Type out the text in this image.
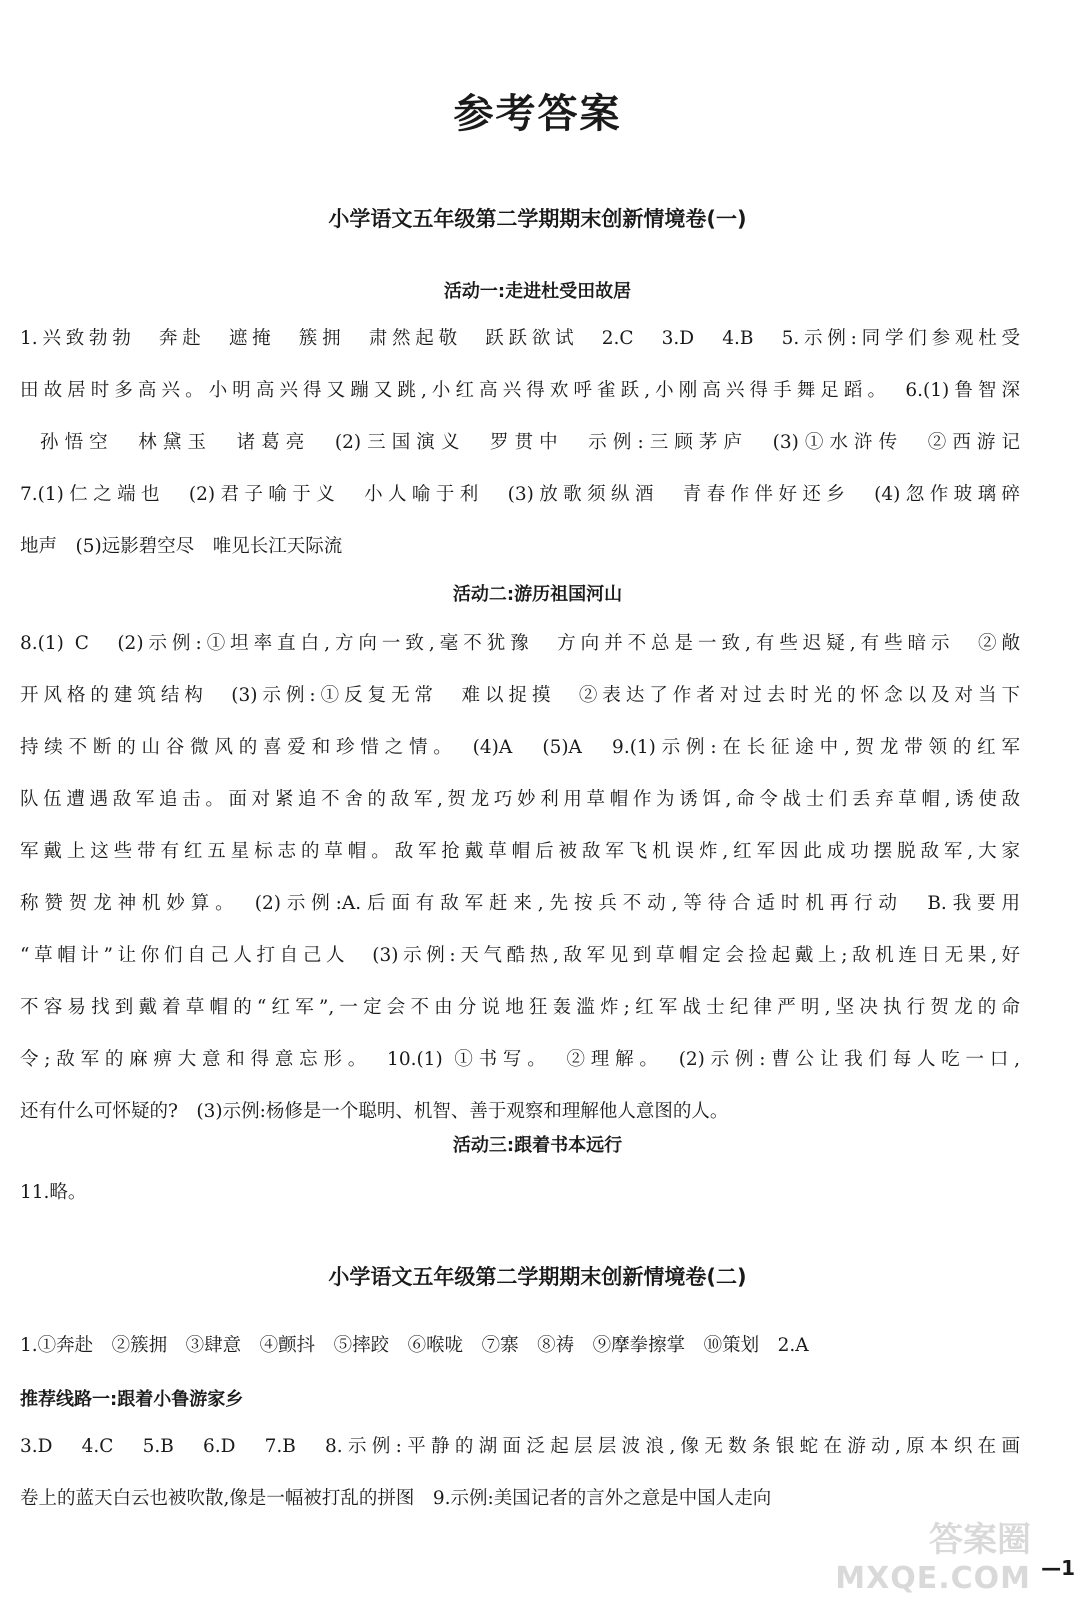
参考答案
小学语文五年级第二学期期末创新情境卷(一)
活动一:走进杜受田故居
1.兴致勃勃　奔赴　遮掩　簇拥　肃然起敬　跃跃欲试　2.C　3.D　4.B　5.示例:同学们参观杜受
田故居时多高兴。小明高兴得又蹦又跳,小红高兴得欢呼雀跃,小刚高兴得手舞足蹈。　6.(1)鲁智深
孙悟空　林黛玉　诸葛亮　(2)三国演义　罗贯中　示例:三顾茅庐　(3)①水浒传　②西游记
7.(1)仁之端也　(2)君子喻于义　小人喻于利　(3)放歌须纵酒　青春作伴好还乡　(4)忽作玻璃碎
地声　(5)远影碧空尽　唯见长江天际流
活动二:游历祖国河山
8.(1) C　(2)示例:①坦率直白,方向一致,毫不犹豫　方向并不总是一致,有些迟疑,有些暗示　②敞
开风格的建筑结构　(3)示例:①反复无常　难以捉摸　②表达了作者对过去时光的怀念以及对当下
持续不断的山谷微风的喜爱和珍惜之情。　(4)A　(5)A　9.(1)示例:在长征途中,贺龙带领的红军
队伍遭遇敌军追击。面对紧追不舍的敌军,贺龙巧妙利用草帽作为诱饵,命令战士们丢弃草帽,诱使敌
军戴上这些带有红五星标志的草帽。敌军抢戴草帽后被敌军飞机误炸,红军因此成功摆脱敌军,大家
称赞贺龙神机妙算。　(2)示例:A.后面有敌军赶来,先按兵不动,等待合适时机再行动　B.我要用
“草帽计”让你们自己人打自己人　(3)示例:天气酷热,敌军见到草帽定会捡起戴上;敌机连日无果,好
不容易找到戴着草帽的“红军”,一定会不由分说地狂轰滥炸;红军战士纪律严明,坚决执行贺龙的命
令;敌军的麻痹大意和得意忘形。　10.(1) ①书写。　②理解。　(2)示例:曹公让我们每人吃一口,
还有什么可怀疑的?　(3)示例:杨修是一个聪明、机智、善于观察和理解他人意图的人。
活动三:跟着书本远行
11.略。
小学语文五年级第二学期期末创新情境卷(二)
1.①奔赴　②簇拥　③肆意　④颤抖　⑤摔跤　⑥喉咙　⑦寨　⑧祷　⑨摩拳擦掌　⑩策划　2.A
推荐线路一:跟着小鲁游家乡
3.D　4.C　5.B　6.D　7.B　8.示例:平静的湖面泛起层层波浪,像无数条银蛇在游动,原本织在画
卷上的蓝天白云也被吹散,像是一幅被打乱的拼图　9.示例:美国记者的言外之意是中国人走向
答案圈
MXQE.COM —1
